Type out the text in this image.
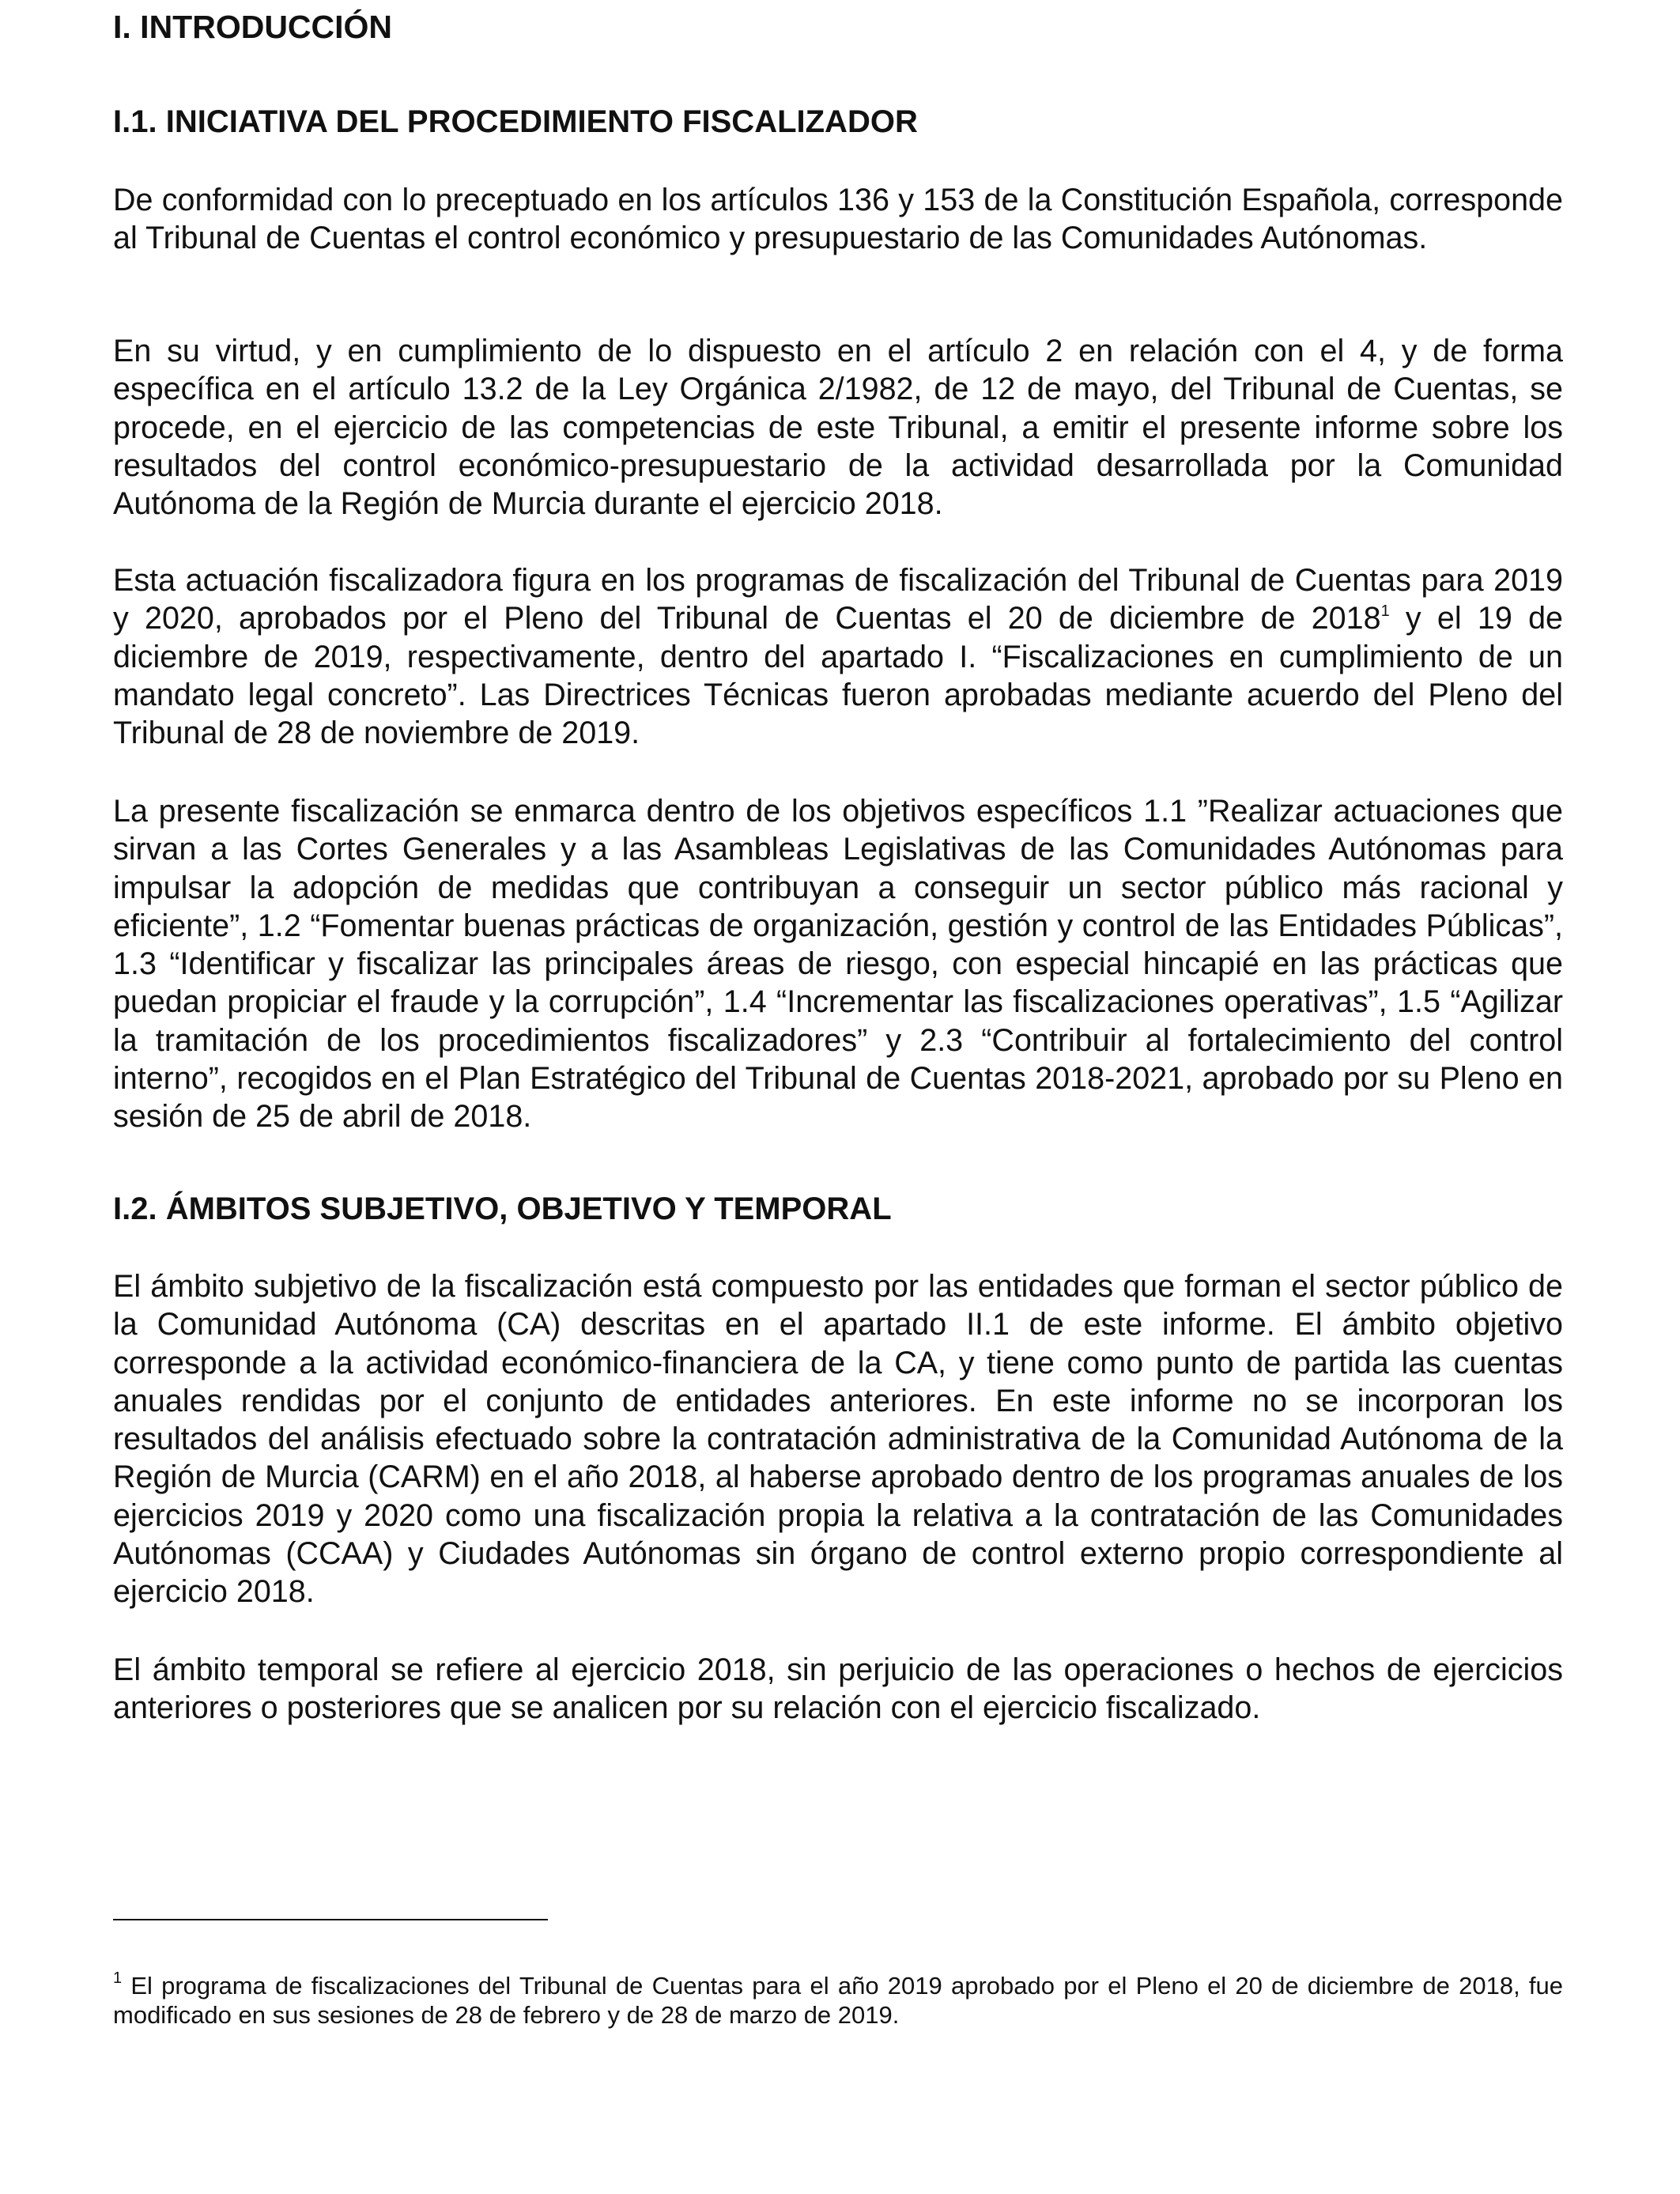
I. INTRODUCCIÓN
I.1. INICIATIVA DEL PROCEDIMIENTO FISCALIZADOR

De conformidad con lo preceptuado en los artículos 136 y 153 de la Constitución Española, corresponde al Tribunal de Cuentas el control económico y presupuestario de las Comunidades Autónomas.

En su virtud, y en cumplimiento de lo dispuesto en el artículo 2 en relación con el 4, y de forma específica en el artículo 13.2 de la Ley Orgánica 2/1982, de 12 de mayo, del Tribunal de Cuentas, se procede, en el ejercicio de las competencias de este Tribunal, a emitir el presente informe sobre los resultados del control económico-presupuestario de la actividad desarrollada por la Comunidad Autónoma de la Región de Murcia durante el ejercicio 2018.

Esta actuación fiscalizadora figura en los programas de fiscalización del Tribunal de Cuentas para 2019 y 2020, aprobados por el Pleno del Tribunal de Cuentas el 20 de diciembre de 2018$^1$ y el 19 de diciembre de 2019, respectivamente, dentro del apartado I. “Fiscalizaciones en cumplimiento de un mandato legal concreto”. Las Directrices Técnicas fueron aprobadas mediante acuerdo del Pleno del Tribunal de 28 de noviembre de 2019.

La presente fiscalización se enmarca dentro de los objetivos específicos 1.1 ”Realizar actuaciones que sirvan a las Cortes Generales y a las Asambleas Legislativas de las Comunidades Autónomas para impulsar la adopción de medidas que contribuyan a conseguir un sector público más racional y eficiente”, 1.2 “Fomentar buenas prácticas de organización, gestión y control de las Entidades Públicas”, 1.3 “Identificar y fiscalizar las principales áreas de riesgo, con especial hincapié en las prácticas que puedan propiciar el fraude y la corrupción”, 1.4 “Incrementar las fiscalizaciones operativas”, 1.5 “Agilizar la tramitación de los procedimientos fiscalizadores” y 2.3 “Contribuir al fortalecimiento del control interno”, recogidos en el Plan Estratégico del Tribunal de Cuentas 2018-2021, aprobado por su Pleno en sesión de 25 de abril de 2018.

I.2. ÁMBITOS SUBJETIVO, OBJETIVO Y TEMPORAL

El ámbito subjetivo de la fiscalización está compuesto por las entidades que forman el sector público de la Comunidad Autónoma (CA) descritas en el apartado II.1 de este informe. El ámbito objetivo corresponde a la actividad económico-financiera de la CA, y tiene como punto de partida las cuentas anuales rendidas por el conjunto de entidades anteriores. En este informe no se incorporan los resultados del análisis efectuado sobre la contratación administrativa de la Comunidad Autónoma de la Región de Murcia (CARM) en el año 2018, al haberse aprobado dentro de los programas anuales de los ejercicios 2019 y 2020 como una fiscalización propia la relativa a la contratación de las Comunidades Autónomas (CCAA) y Ciudades Autónomas sin órgano de control externo propio correspondiente al ejercicio 2018.

El ámbito temporal se refiere al ejercicio 2018, sin perjuicio de las operaciones o hechos de ejercicios anteriores o posteriores que se analicen por su relación con el ejercicio fiscalizado.

$^1$ El programa de fiscalizaciones del Tribunal de Cuentas para el año 2019 aprobado por el Pleno el 20 de diciembre de 2018, fue modificado en sus sesiones de 28 de febrero y de 28 de marzo de 2019.
